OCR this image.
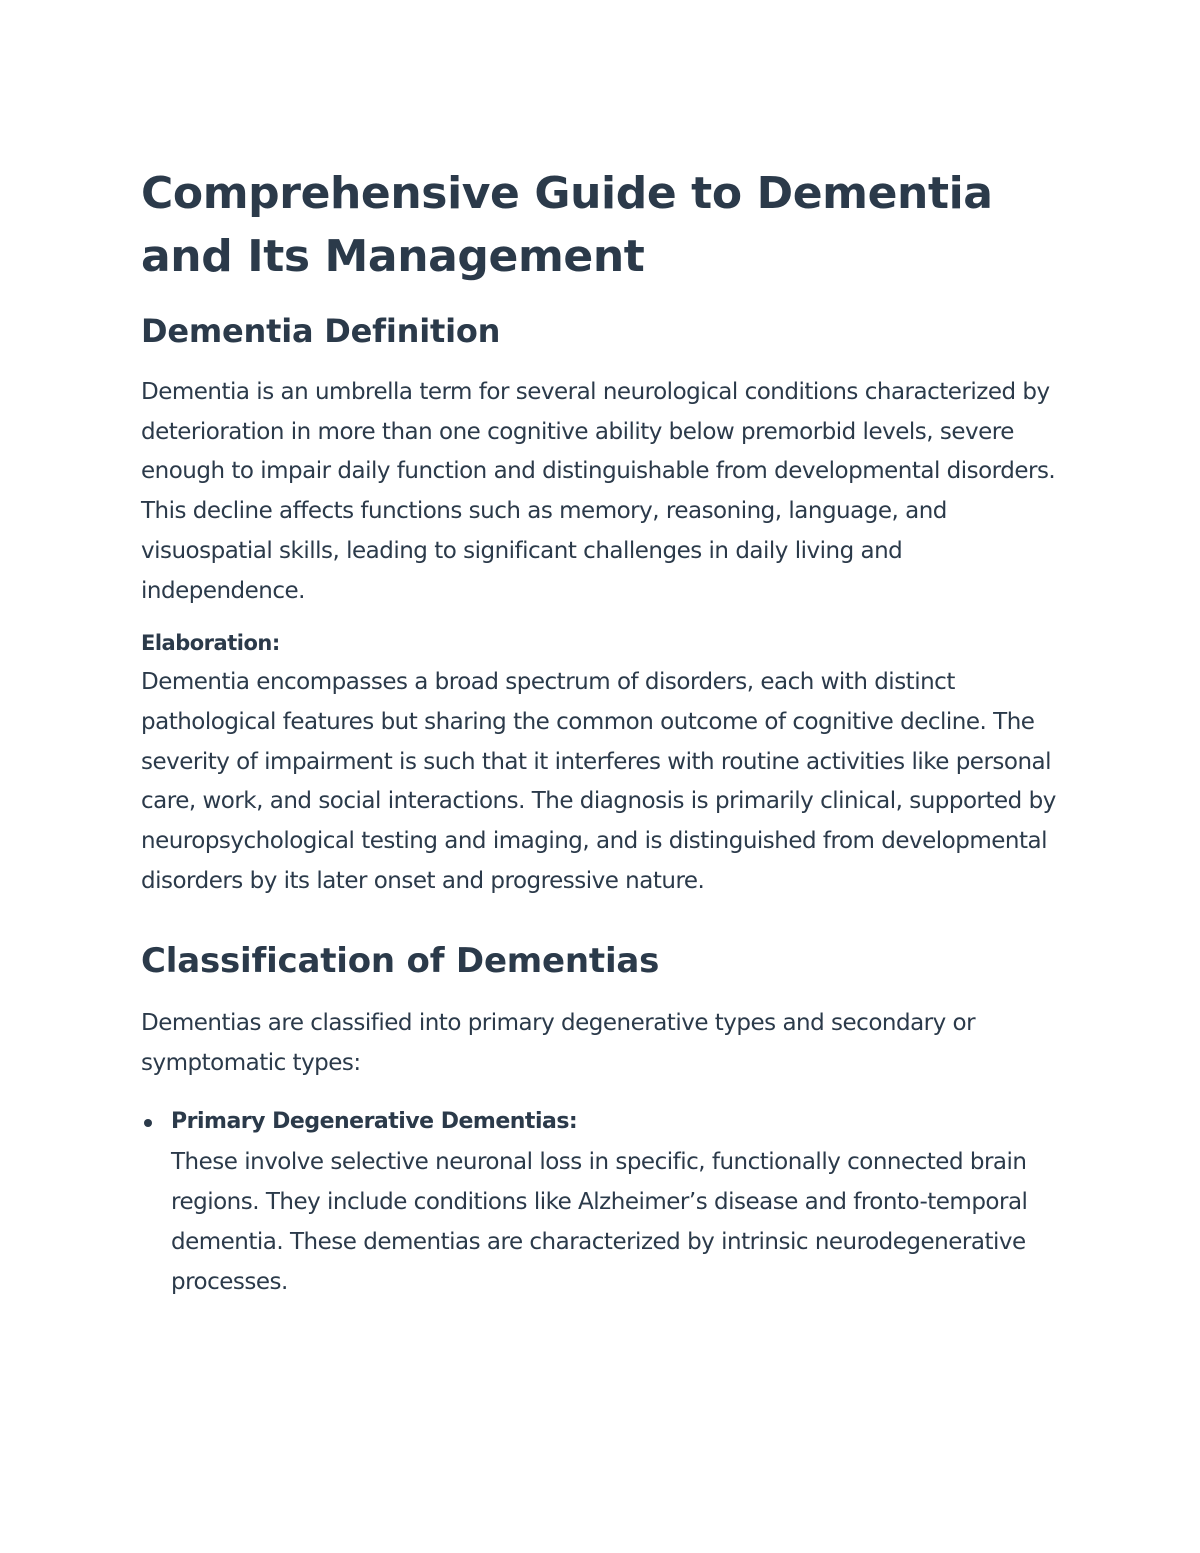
Comprehensive Guide to Dementia and Its Management
Dementia Definition

Dementia is an umbrella term for several neurological conditions characterized by deterioration in more than one cognitive ability below premorbid levels, severe enough to impair daily function and distinguishable from developmental disorders. This decline affects functions such as memory, reasoning, language, and visuospatial skills, leading to significant challenges in daily living and independence.

Elaboration:

Dementia encompasses a broad spectrum of disorders, each with distinct pathological features but sharing the common outcome of cognitive decline. The severity of impairment is such that it interferes with routine activities like personal care, work, and social interactions. The diagnosis is primarily clinical, supported by neuropsychological testing and imaging, and is distinguished from developmental disorders by its later onset and progressive nature.

Classification of Dementias

Dementias are classified into primary degenerative types and secondary or symptomatic types:

Primary Degenerative Dementias:
These involve selective neuronal loss in specific, functionally connected brain regions. They include conditions like Alzheimer’s disease and fronto-temporal dementia. These dementias are characterized by intrinsic neurodegenerative processes.
